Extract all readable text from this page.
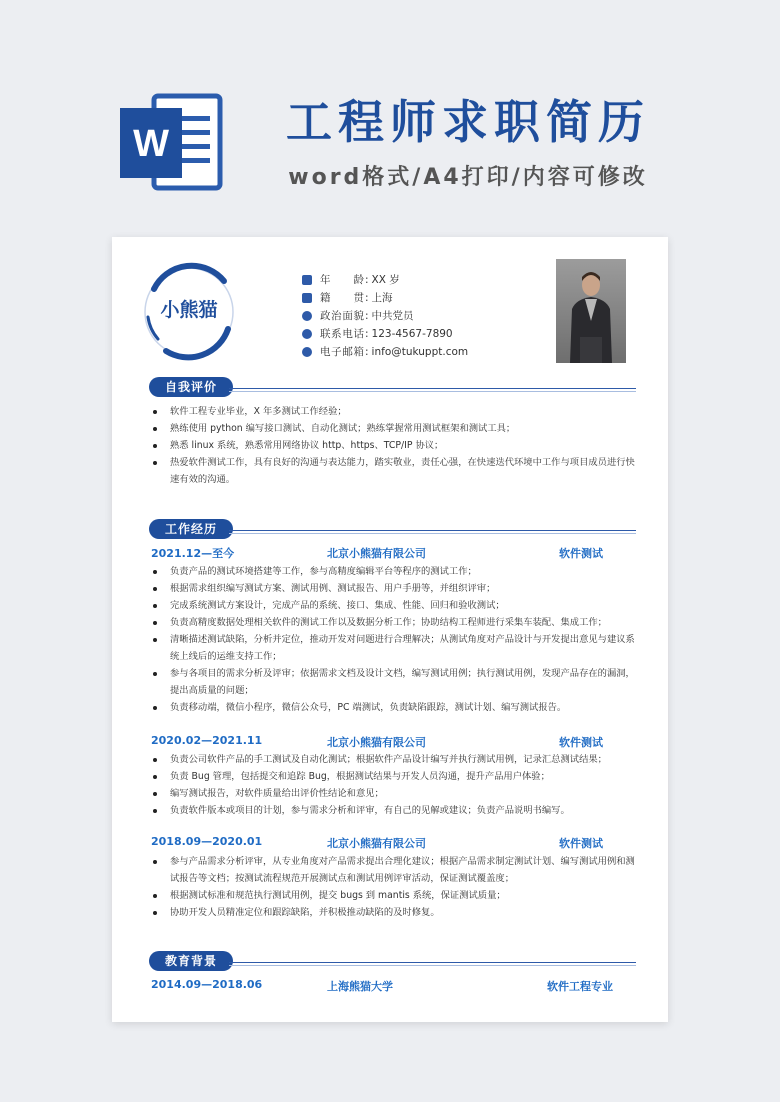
W	工程师求职简历
word格式/A4打印/内容可修改
小熊猫
年龄 : XX 岁
籍贯 : 上海
政治面貌 : 中共党员
联系电话 : 123-4567-7890
电子邮箱 : info@tukuppt.com
自我评价
软件工程专业毕业，X 年多测试工作经验；
熟练使用 python 编写接口测试、自动化测试；熟练掌握常用测试框架和测试工具；
熟悉 linux 系统，熟悉常用网络协议 http、https、TCP/IP 协议；
热爱软件测试工作，具有良好的沟通与表达能力，踏实敬业，责任心强，在快速迭代环境中工作与项目成员进行快速有效的沟通。
工作经历
2021.12—至今	北京小熊猫有限公司	软件测试
负责产品的测试环境搭建等工作，参与高精度编辑平台等程序的测试工作；
根据需求组织编写测试方案、测试用例、测试报告、用户手册等，并组织评审；
完成系统测试方案设计，完成产品的系统、接口、集成、性能、回归和验收测试；
负责高精度数据处理相关软件的测试工作以及数据分析工作；协助结构工程师进行采集车装配、集成工作；
清晰描述测试缺陷，分析并定位，推动开发对问题进行合理解决；从测试角度对产品设计与开发提出意见与建议系统上线后的运维支持工作；
参与各项目的需求分析及评审；依据需求文档及设计文档，编写测试用例；执行测试用例，发现产品存在的漏洞，提出高质量的问题；
负责移动端，微信小程序，微信公众号，PC 端测试，负责缺陷跟踪，测试计划、编写测试报告。
2020.02—2021.11	北京小熊猫有限公司	软件测试
负责公司软件产品的手工测试及自动化测试；根据软件产品设计编写并执行测试用例，记录汇总测试结果；
负责 Bug 管理，包括提交和追踪 Bug，根据测试结果与开发人员沟通，提升产品用户体验；
编写测试报告，对软件质量给出评价性结论和意见；
负责软件版本或项目的计划，参与需求分析和评审，有自己的见解或建议；负责产品说明书编写。
2018.09—2020.01	北京小熊猫有限公司	软件测试
参与产品需求分析评审，从专业角度对产品需求提出合理化建议；根据产品需求制定测试计划、编写测试用例和测试报告等文档；按测试流程规范开展测试点和测试用例评审活动，保证测试覆盖度；
根据测试标准和规范执行测试用例，提交 bugs 到 mantis 系统，保证测试质量；
协助开发人员精准定位和跟踪缺陷，并积极推动缺陷的及时修复。
教育背景
2014.09—2018.06	上海熊猫大学	软件工程专业
